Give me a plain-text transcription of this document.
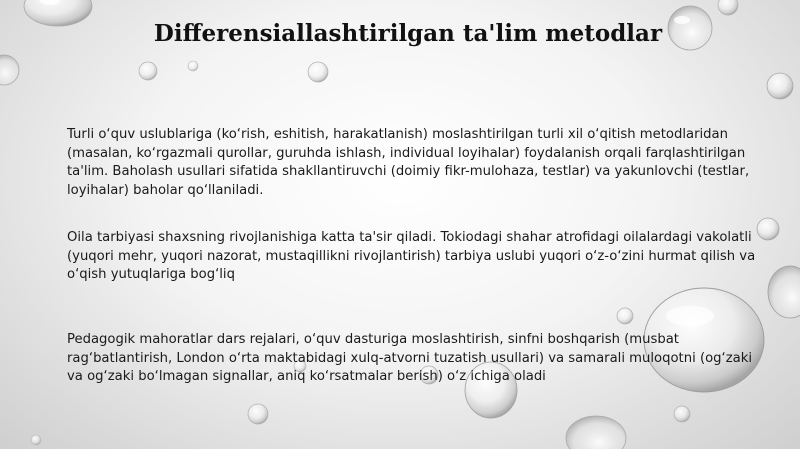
Differensiallashtirilgan ta'lim metodlar

Turli o‘quv uslublariga (ko‘rish, eshitish, harakatlanish) moslashtirilgan turli xil o‘qitish metodlaridan (masalan, ko‘rgazmali qurollar, guruhda ishlash, individual loyihalar) foydalanish orqali farqlashtirilgan ta'lim. Baholash usullari sifatida shakllantiruvchi (doimiy fikr-mulohaza, testlar) va yakunlovchi (testlar, loyihalar) baholar qo‘llaniladi.

Oila tarbiyasi shaxsning rivojlanishiga katta ta'sir qiladi. Tokiodagi shahar atrofidagi oilalardagi vakolatli (yuqori mehr, yuqori nazorat, mustaqillikni rivojlantirish) tarbiya uslubi yuqori o‘z-o‘zini hurmat qilish va o‘qish yutuqlariga bog‘liq

Pedagogik mahoratlar dars rejalari, o‘quv dasturiga moslashtirish, sinfni boshqarish (musbat rag‘batlantirish, London o‘rta maktabidagi xulq-atvorni tuzatish usullari) va samarali muloqotni (og‘zaki va og‘zaki bo‘lmagan signallar, aniq ko‘rsatmalar berish) o‘z ichiga oladi
